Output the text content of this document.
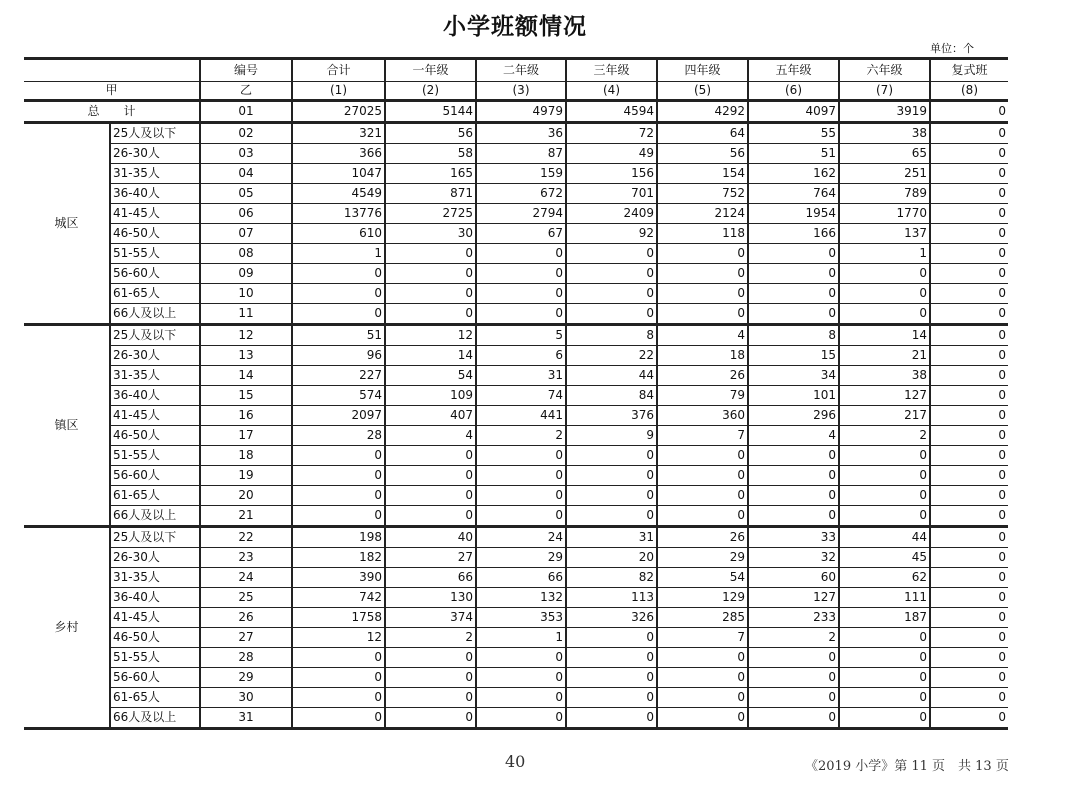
小学班额情况
单位：个
		编号	合计	一年级	二年级	三年级	四年级	五年级	六年级	复式班
甲		乙	(1)	(2)	(3)	(4)	(5)	(6)	(7)	(8)
总　　计		01	27025	5144	4979	4594	4292	4097	3919	0
城区	25人及以下	02	321	56	36	72	64	55	38	0
	26-30人	03	366	58	87	49	56	51	65	0
	31-35人	04	1047	165	159	156	154	162	251	0
	36-40人	05	4549	871	672	701	752	764	789	0
	41-45人	06	13776	2725	2794	2409	2124	1954	1770	0
	46-50人	07	610	30	67	92	118	166	137	0
	51-55人	08	1	0	0	0	0	0	1	0
	56-60人	09	0	0	0	0	0	0	0	0
	61-65人	10	0	0	0	0	0	0	0	0
	66人及以上	11	0	0	0	0	0	0	0	0
镇区	25人及以下	12	51	12	5	8	4	8	14	0
	26-30人	13	96	14	6	22	18	15	21	0
	31-35人	14	227	54	31	44	26	34	38	0
	36-40人	15	574	109	74	84	79	101	127	0
	41-45人	16	2097	407	441	376	360	296	217	0
	46-50人	17	28	4	2	9	7	4	2	0
	51-55人	18	0	0	0	0	0	0	0	0
	56-60人	19	0	0	0	0	0	0	0	0
	61-65人	20	0	0	0	0	0	0	0	0
	66人及以上	21	0	0	0	0	0	0	0	0
乡村	25人及以下	22	198	40	24	31	26	33	44	0
	26-30人	23	182	27	29	20	29	32	45	0
	31-35人	24	390	66	66	82	54	60	62	0
	36-40人	25	742	130	132	113	129	127	111	0
	41-45人	26	1758	374	353	326	285	233	187	0
	46-50人	27	12	2	1	0	7	2	0	0
	51-55人	28	0	0	0	0	0	0	0	0
	56-60人	29	0	0	0	0	0	0	0	0
	61-65人	30	0	0	0	0	0	0	0	0
	66人及以上	31	0	0	0	0	0	0	0	0
40	《2019 小学》第 11 页　共 13 页
